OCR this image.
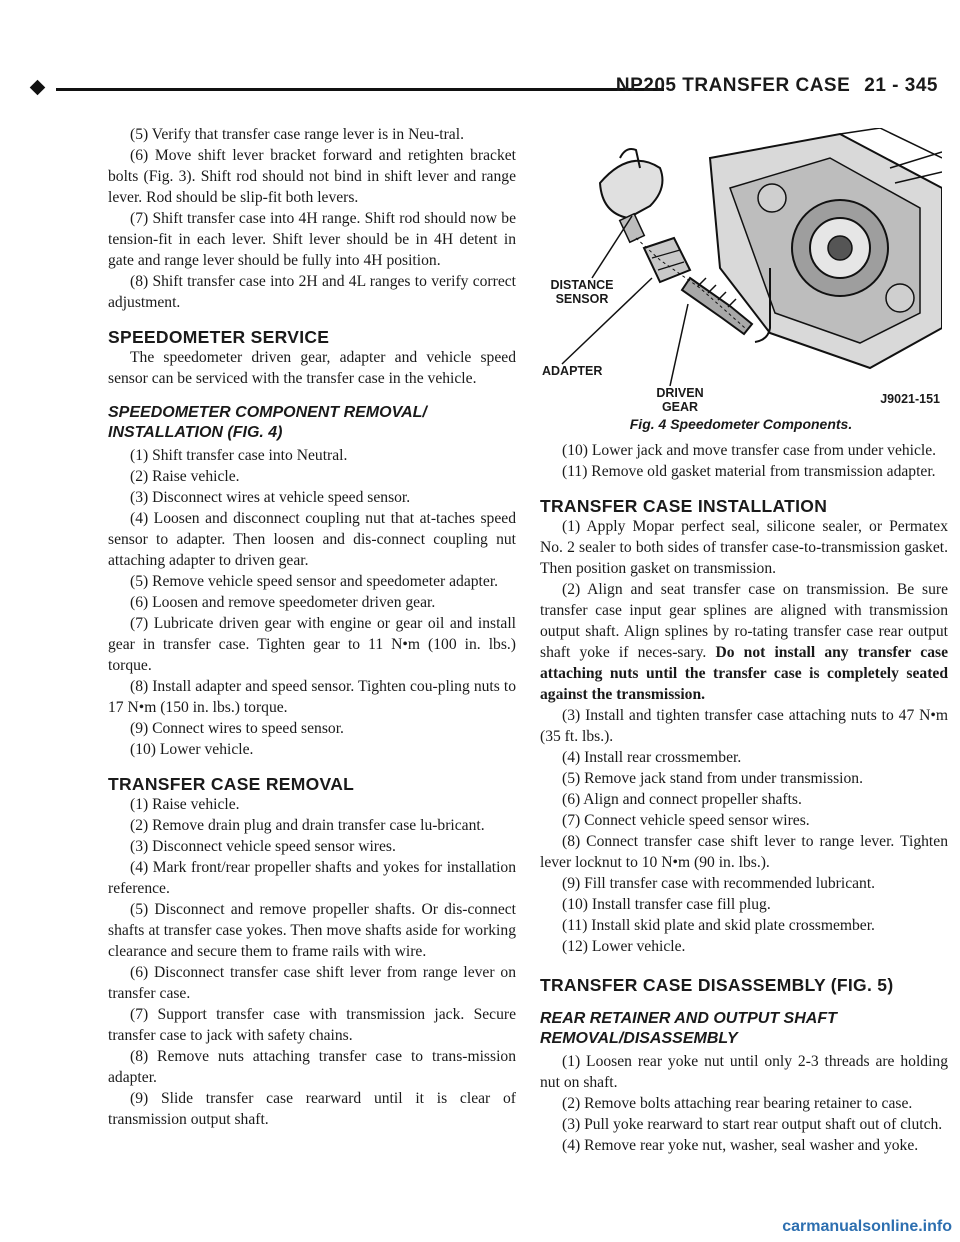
NP205 TRANSFER CASE 21 - 345

(5) Verify that transfer case range lever is in Neu-tral.

(6) Move shift lever bracket forward and retighten bracket bolts (Fig. 3). Shift rod should not bind in shift lever and range lever. Rod should be slip-fit both levers.

(7) Shift transfer case into 4H range. Shift rod should now be tension-fit in each lever. Shift lever should be in 4H detent in gate and range lever should be fully into 4H position.

(8) Shift transfer case into 2H and 4L ranges to verify correct adjustment.

SPEEDOMETER SERVICE

The speedometer driven gear, adapter and vehicle speed sensor can be serviced with the transfer case in the vehicle.

SPEEDOMETER COMPONENT REMOVAL/ INSTALLATION (FIG. 4)

(1) Shift transfer case into Neutral.

(2) Raise vehicle.

(3) Disconnect wires at vehicle speed sensor.

(4) Loosen and disconnect coupling nut that at-taches speed sensor to adapter. Then loosen and dis-connect coupling nut attaching adapter to driven gear.

(5) Remove vehicle speed sensor and speedometer adapter.

(6) Loosen and remove speedometer driven gear.

(7) Lubricate driven gear with engine or gear oil and install gear in transfer case. Tighten gear to 11 N•m (100 in. lbs.) torque.

(8) Install adapter and speed sensor. Tighten cou-pling nuts to 17 N•m (150 in. lbs.) torque.

(9) Connect wires to speed sensor.

(10) Lower vehicle.

TRANSFER CASE REMOVAL

(1) Raise vehicle.

(2) Remove drain plug and drain transfer case lu-bricant.

(3) Disconnect vehicle speed sensor wires.

(4) Mark front/rear propeller shafts and yokes for installation reference.

(5) Disconnect and remove propeller shafts. Or dis-connect shafts at transfer case yokes. Then move shafts aside for working clearance and secure them to frame rails with wire.

(6) Disconnect transfer case shift lever from range lever on transfer case.

(7) Support transfer case with transmission jack. Secure transfer case to jack with safety chains.

(8) Remove nuts attaching transfer case to trans-mission adapter.

(9) Slide transfer case rearward until it is clear of transmission output shaft.

DISTANCE SENSOR
ADAPTER
DRIVEN GEAR
J9021-151
Fig. 4 Speedometer Components.

(10) Lower jack and move transfer case from under vehicle.

(11) Remove old gasket material from transmission adapter.

TRANSFER CASE INSTALLATION

(1) Apply Mopar perfect seal, silicone sealer, or Permatex No. 2 sealer to both sides of transfer case-to-transmission gasket. Then position gasket on transmission.

(2) Align and seat transfer case on transmission. Be sure transfer case input gear splines are aligned with transmission output shaft. Align splines by ro-tating transfer case rear output shaft yoke if neces-sary. Do not install any transfer case attaching nuts until the transfer case is completely seated against the transmission.

(3) Install and tighten transfer case attaching nuts to 47 N•m (35 ft. lbs.).

(4) Install rear crossmember.

(5) Remove jack stand from under transmission.

(6) Align and connect propeller shafts.

(7) Connect vehicle speed sensor wires.

(8) Connect transfer case shift lever to range lever. Tighten lever locknut to 10 N•m (90 in. lbs.).

(9) Fill transfer case with recommended lubricant.

(10) Install transfer case fill plug.

(11) Install skid plate and skid plate crossmember.

(12) Lower vehicle.

TRANSFER CASE DISASSEMBLY (FIG. 5)
REAR RETAINER AND OUTPUT SHAFT REMOVAL/DISASSEMBLY

(1) Loosen rear yoke nut until only 2-3 threads are holding nut on shaft.

(2) Remove bolts attaching rear bearing retainer to case.

(3) Pull yoke rearward to start rear output shaft out of clutch.

(4) Remove rear yoke nut, washer, seal washer and yoke.

carmanualsonline.info
